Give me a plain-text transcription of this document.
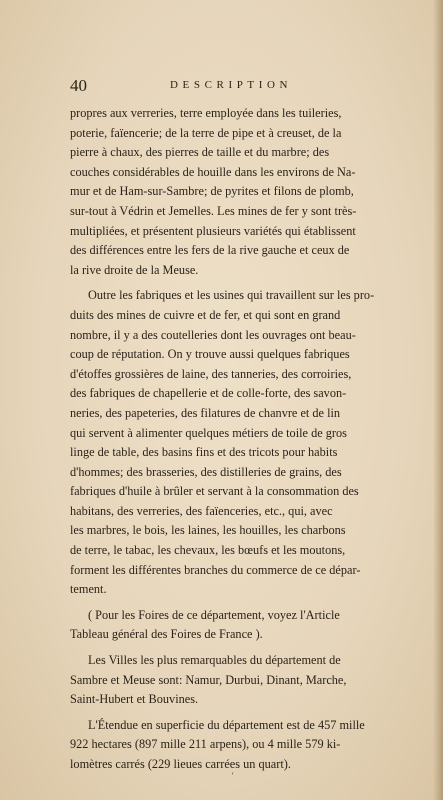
40	DESCRIPTION
propres aux verreries, terre employée dans les tuileries,
poterie, faïencerie; de la terre de pipe et à creuset, de la
pierre à chaux, des pierres de taille et du marbre; des
couches considérables de houille dans les environs de Na-
mur et de Ham-sur-Sambre; de pyrites et filons de plomb,
sur-tout à Védrin et Jemelles. Les mines de fer y sont très-
multipliées, et présentent plusieurs variétés qui établissent
des différences entre les fers de la rive gauche et ceux de
la rive droite de la Meuse.
Outre les fabriques et les usines qui travaillent sur les pro-
duits des mines de cuivre et de fer, et qui sont en grand
nombre, il y a des coutelleries dont les ouvrages ont beau-
coup de réputation. On y trouve aussi quelques fabriques
d'étoffes grossières de laine, des tanneries, des corroiries,
des fabriques de chapellerie et de colle-forte, des savon-
neries, des papeteries, des filatures de chanvre et de lin
qui servent à alimenter quelques métiers de toile de gros
linge de table, des basins fins et des tricots pour habits
d'hommes; des brasseries, des distilleries de grains, des
fabriques d'huile à brûler et servant à la consommation des
habitans, des verreries, des faïenceries, etc., qui, avec
les marbres, le bois, les laines, les houilles, les charbons
de terre, le tabac, les chevaux, les bœufs et les moutons,
forment les différentes branches du commerce de ce dépar-
tement.
( Pour les Foires de ce département, voyez l'Article
Tableau général des Foires de France ).
Les Villes les plus remarquables du département de
Sambre et Meuse sont: Namur, Durbui, Dinant, Marche,
Saint-Hubert et Bouvines.
L'Étendue en superficie du département est de 457 mille
922 hectares (897 mille 211 arpens), ou 4 mille 579 ki-
lomètres carrés (229 lieues carrées un quart).
ʻ
